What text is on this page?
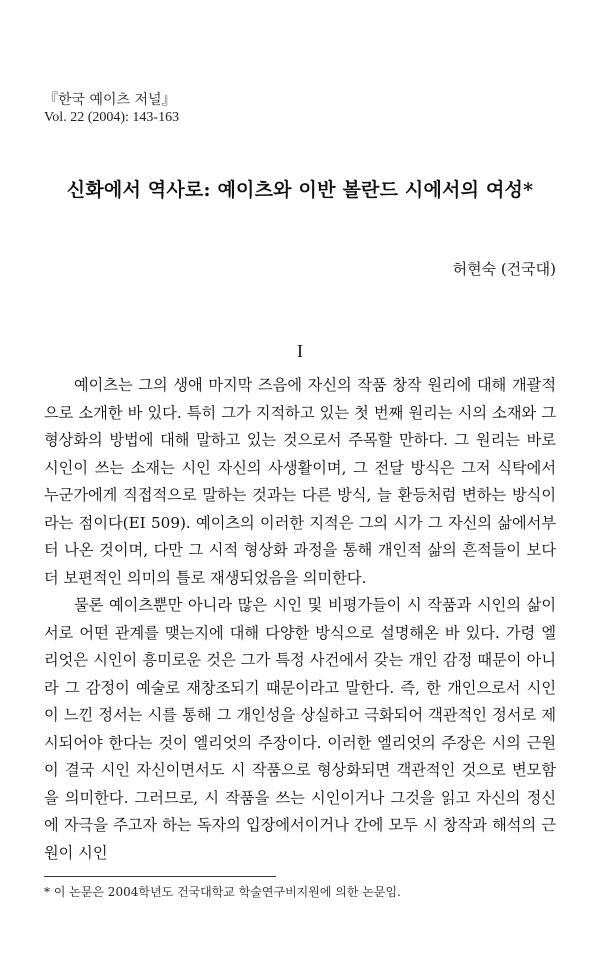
『한국 예이츠 저널』
Vol. 22 (2004): 143-163
신화에서 역사로: 예이츠와 이반 볼란드 시에서의 여성*
허현숙 (건국대)
I

예이츠는 그의 생애 마지막 즈음에 자신의 작품 창작 원리에 대해 개괄적으로 소개한 바 있다. 특히 그가 지적하고 있는 첫 번째 원리는 시의 소재와 그 형상화의 방법에 대해 말하고 있는 것으로서 주목할 만하다. 그 원리는 바로 시인이 쓰는 소재는 시인 자신의 사생활이며, 그 전달 방식은 그저 식탁에서 누군가에게 직접적으로 말하는 것과는 다른 방식, 늘 환등처럼 변하는 방식이라는 점이다(EI 509). 예이츠의 이러한 지적은 그의 시가 그 자신의 삶에서부터 나온 것이며, 다만 그 시적 형상화 과정을 통해 개인적 삶의 흔적들이 보다 더 보편적인 의미의 틀로 재생되었음을 의미한다.

물론 예이츠뿐만 아니라 많은 시인 및 비평가들이 시 작품과 시인의 삶이 서로 어떤 관계를 맺는지에 대해 다양한 방식으로 설명해온 바 있다. 가령 엘리엇은 시인이 흥미로운 것은 그가 특정 사건에서 갖는 개인 감정 때문이 아니라 그 감정이 예술로 재창조되기 때문이라고 말한다. 즉, 한 개인으로서 시인이 느낀 정서는 시를 통해 그 개인성을 상실하고 극화되어 객관적인 정서로 제시되어야 한다는 것이 엘리엇의 주장이다. 이러한 엘리엇의 주장은 시의 근원이 결국 시인 자신이면서도 시 작품으로 형상화되면 객관적인 것으로 변모함을 의미한다. 그러므로, 시 작품을 쓰는 시인이거나 그것을 읽고 자신의 정신에 자극을 주고자 하는 독자의 입장에서이거나 간에 모두 시 창작과 해석의 근원이 시인

* 이 논문은 2004학년도 건국대학교 학술연구비지원에 의한 논문임.
